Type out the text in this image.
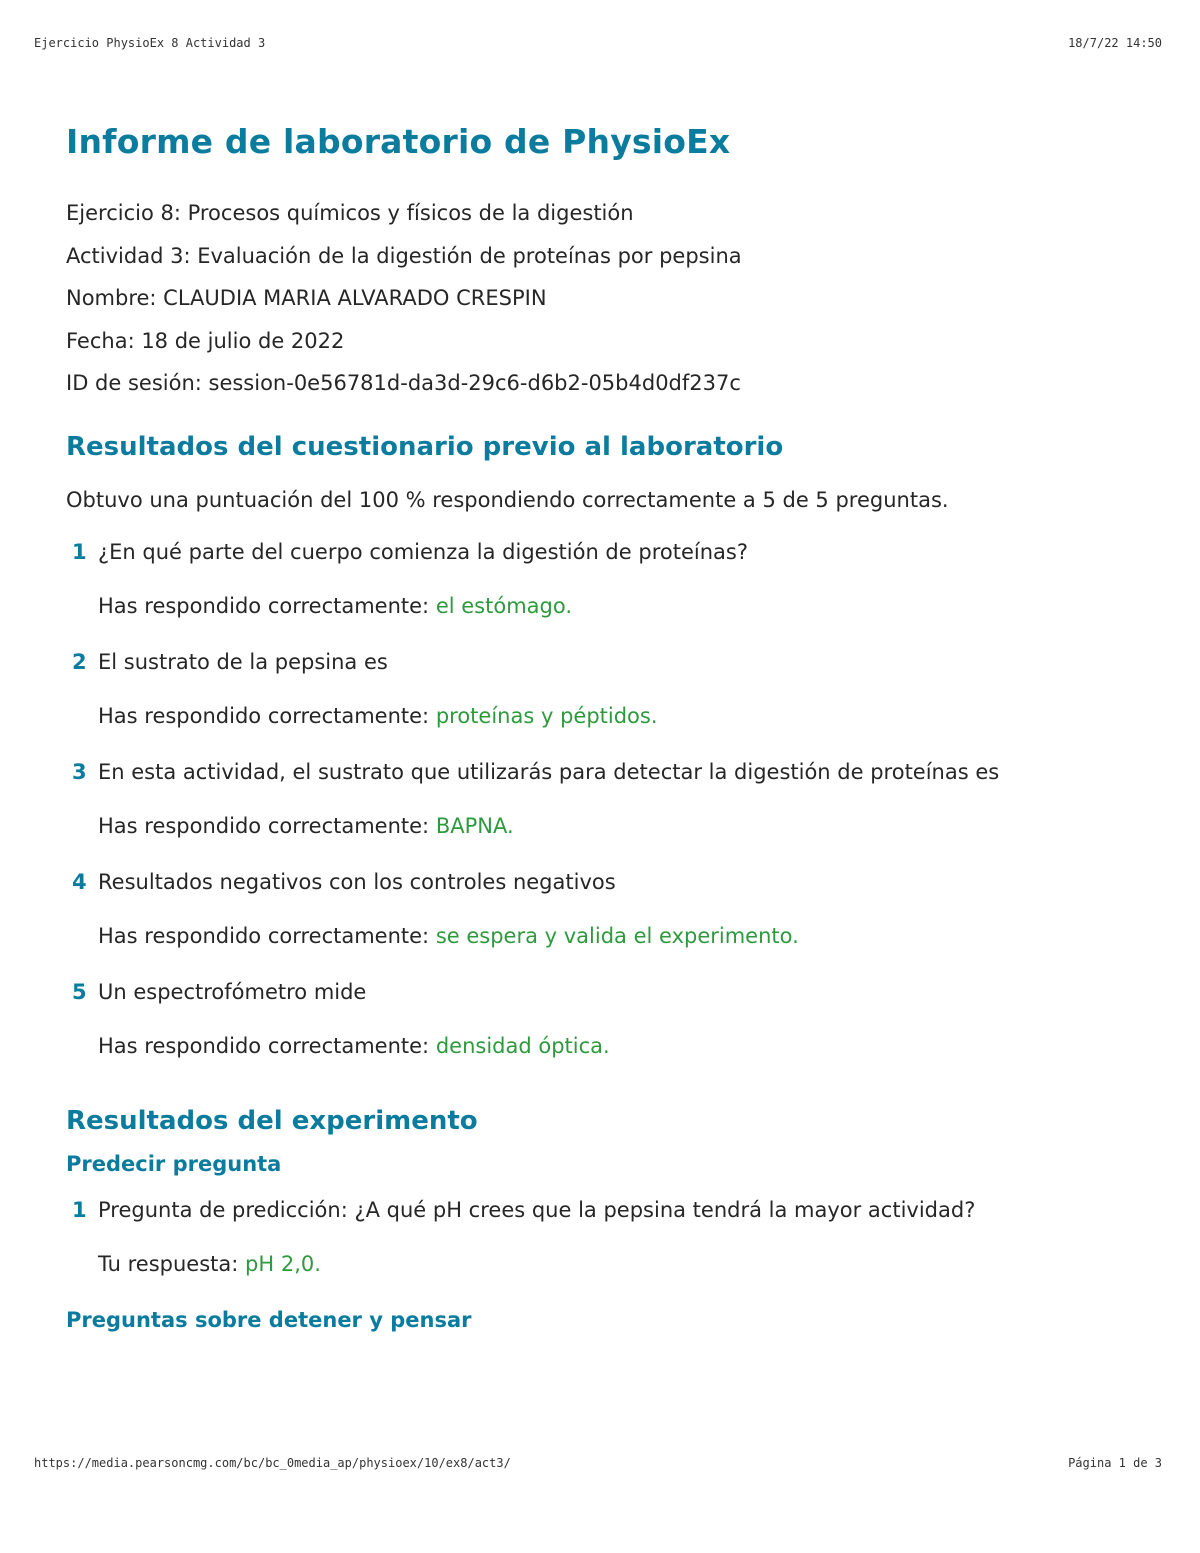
Ejercicio PhysioEx 8 Actividad 3	18/7/22 14:50
Informe de laboratorio de PhysioEx

Ejercicio 8: Procesos químicos y físicos de la digestión

Actividad 3: Evaluación de la digestión de proteínas por pepsina

Nombre: CLAUDIA MARIA ALVARADO CRESPIN

Fecha: 18 de julio de 2022

ID de sesión: session-0e56781d-da3d-29c6-d6b2-05b4d0df237c

Resultados del cuestionario previo al laboratorio

Obtuvo una puntuación del 100 % respondiendo correctamente a 5 de 5 preguntas.

1 ¿En qué parte del cuerpo comienza la digestión de proteínas?
Has respondido correctamente: el estómago.
2 El sustrato de la pepsina es
Has respondido correctamente: proteínas y péptidos.
3 En esta actividad, el sustrato que utilizarás para detectar la digestión de proteínas es
Has respondido correctamente: BAPNA.
4 Resultados negativos con los controles negativos
Has respondido correctamente: se espera y valida el experimento.
5 Un espectrofómetro mide
Has respondido correctamente: densidad óptica.
Resultados del experimento
Predecir pregunta
1 Pregunta de predicción: ¿A qué pH crees que la pepsina tendrá la mayor actividad?
Tu respuesta: pH 2,0.
Preguntas sobre detener y pensar
https://media.pearsoncmg.com/bc/bc_0media_ap/physioex/10/ex8/act3/	Página 1 de 3
